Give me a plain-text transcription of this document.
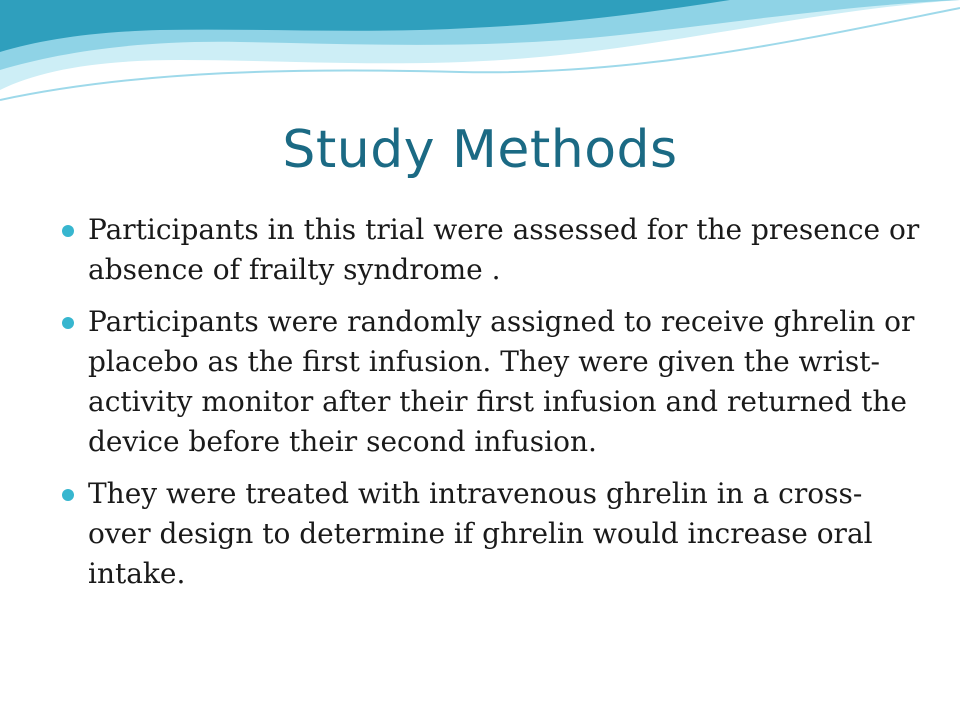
Study Methods
Participants in this trial were assessed for the presence or absence of frailty syndrome .
Participants were randomly assigned to receive ghrelin or placebo as the first infusion. They were given the wrist-activity monitor after their first infusion and returned the device before their second infusion.
They were treated with intravenous ghrelin in a cross-over design to determine if ghrelin would increase oral intake.
